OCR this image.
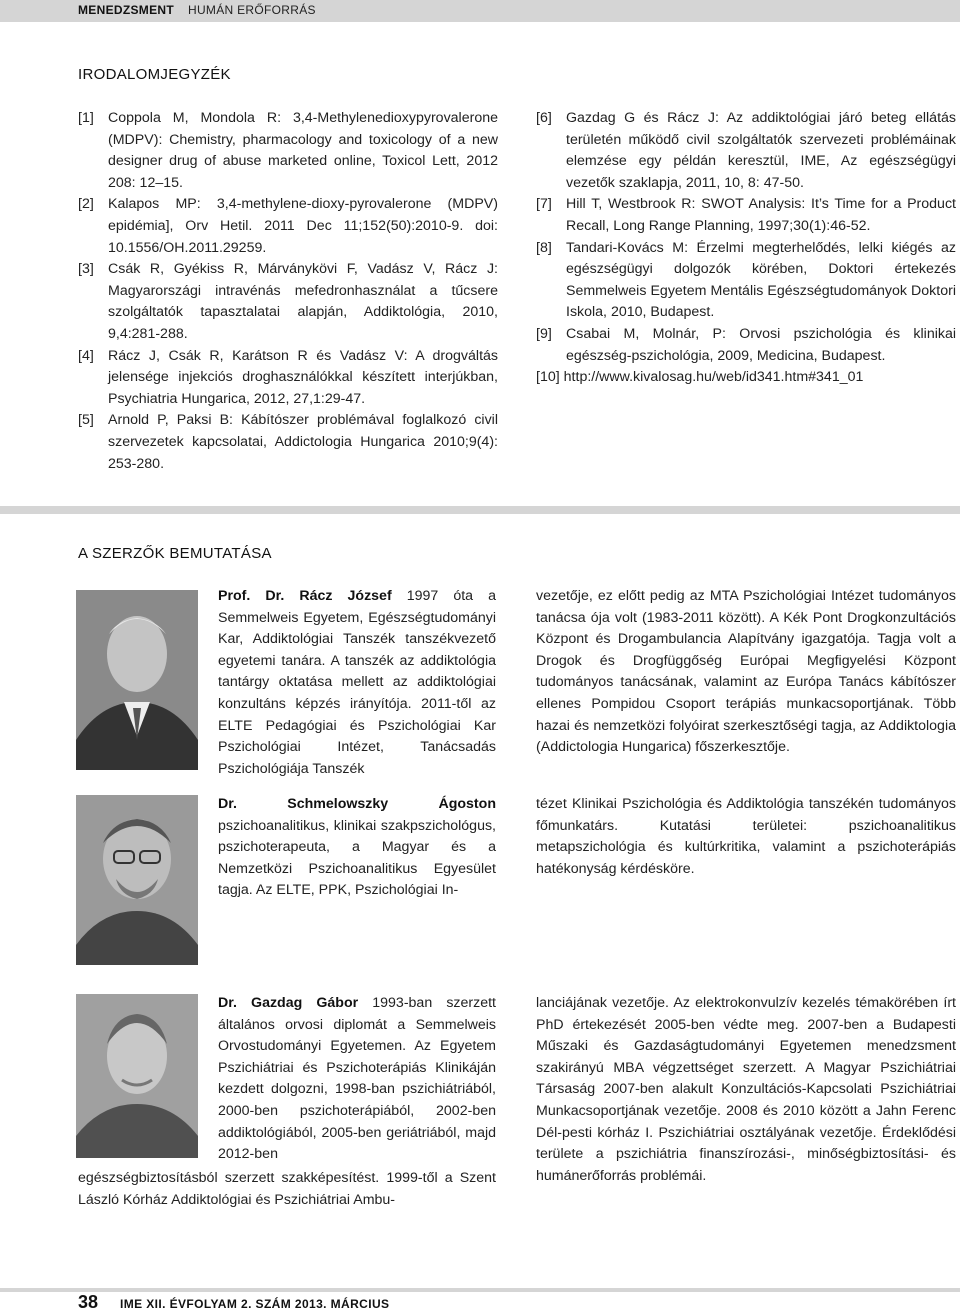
MENEDZSMENT HUMÁN ERŐFORRÁS
IRODALOMJEGYZÉK
[1]	Coppola M, Mondola R: 3,4-Methylenedioxypyrovalerone (MDPV): Chemistry, pharmacology and toxicology of a new designer drug of abuse marketed online, Toxicol Lett, 2012 208: 12–15.
[2]	Kalapos MP: 3,4-methylene-dioxy-pyrovalerone (MDPV) epidémia], Orv Hetil. 2011 Dec 11;152(50):2010-9. doi: 10.1556/OH.2011.29259.
[3]	Csák R, Gyékiss R, Márványkövi F, Vadász V, Rácz J: Magyarországi intravénás mefedronhasználat a tűcsere szolgáltatók tapasztalatai alapján, Addiktológia, 2010, 9,4:281-288.
[4]	Rácz J, Csák R, Karátson R és Vadász V: A drogváltás jelensége injekciós droghasználókkal készített interjúkban, Psychiatria Hungarica, 2012, 27,1:29-47.
[5]	Arnold P, Paksi B: Kábítószer problémával foglalkozó civil szervezetek kapcsolatai, Addictologia Hungarica 2010;9(4): 253-280.
[6]	Gazdag G és Rácz J: Az addiktológiai járó beteg ellátás területén működő civil szolgáltatók szervezeti problémáinak elemzése egy példán keresztül, IME, Az egészségügyi vezetők szaklapja, 2011, 10, 8: 47-50.
[7]	Hill T, Westbrook R: SWOT Analysis: It’s Time for a Product Recall, Long Range Planning, 1997;30(1):46-52.
[8]	Tandari-Kovács M: Érzelmi megterhelődés, lelki kiégés az egészségügyi dolgozók körében, Doktori értekezés Semmelweis Egyetem Mentális Egészségtudományok Doktori Iskola, 2010, Budapest.
[9]	Csabai M, Molnár, P: Orvosi pszichológia és klinikai egészség-pszichológia, 2009, Medicina, Budapest.
[10] http://www.kivalosag.hu/web/id341.htm#341_01
A SZERZŐK BEMUTATÁSA
Prof. Dr. Rácz József 1997 óta a Semmelweis Egyetem, Egészségtudományi Kar, Addiktológiai Tanszék tanszékvezető egyetemi tanára. A tanszék az addiktológia tantárgy oktatása mellett az addiktológiai konzultáns képzés irányítója. 2011-től az ELTE Pedagógiai és Pszichológiai Kar Pszichológiai Intézet, Tanácsadás Pszichológiája Tanszék
vezetője, ez előtt pedig az MTA Pszichológiai Intézet tudományos tanácsa ója volt (1983-2011 között). A Kék Pont Drogkonzultációs Központ és Drogambulancia Alapítvány igazgatója. Tagja volt a Drogok és Drogfüggőség Európai Megfigyelési Központ tudományos tanácsának, valamint az Európa Tanács kábítószer ellenes Pompidou Csoport terápiás munkacsoportjának. Több hazai és nemzetközi folyóirat szerkesztőségi tagja, az Addiktologia (Addictologia Hungarica) főszerkesztője.
Dr. Schmelowszky Ágoston pszichoanalitikus, klinikai szakpszichológus, pszichoterapeuta, a Magyar és a Nemzetközi Pszichoanalitikus Egyesület tagja. Az ELTE, PPK, Pszichológiai In-
tézet Klinikai Pszichológia és Addiktológia tanszékén tudományos főmunkatárs. Kutatási területei: pszichoanalitikus metapszichológia és kultúrkritika, valamint a pszichoterápiás hatékonyság kérdésköre.
Dr. Gazdag Gábor 1993-ban szerzett általános orvosi diplomát a Semmelweis Orvostudományi Egyetemen. Az Egyetem Pszichiátriai és Pszichoterápiás Klinikáján kezdett dolgozni, 1998-ban pszichiátriából, 2000-ben pszichoterápiából, 2002-ben addiktológiából, 2005-ben geriátriából, majd 2012-ben
egészségbiztosításból szerzett szakképesítést. 1999-től a Szent László Kórház Addiktológiai és Pszichiátriai Ambu-
lanciájának vezetője. Az elektrokonvulzív kezelés témakörében írt PhD értekezését 2005-ben védte meg. 2007-ben a Budapesti Műszaki és Gazdaságtudományi Egyetemen menedzsment szakirányú MBA végzettséget szerzett. A Magyar Pszichiátriai Társaság 2007-ben alakult Konzultációs-Kapcsolati Pszichiátriai Munkacsoportjának vezetője. 2008 és 2010 között a Jahn Ferenc Dél-pesti kórház I. Pszichiátriai osztályának vezetője. Érdeklődési területe a pszichiátria finanszírozási-, minőségbiztosítási- és humánerőforrás problémái.
38 IME XII. ÉVFOLYAM 2. SZÁM 2013. MÁRCIUS
